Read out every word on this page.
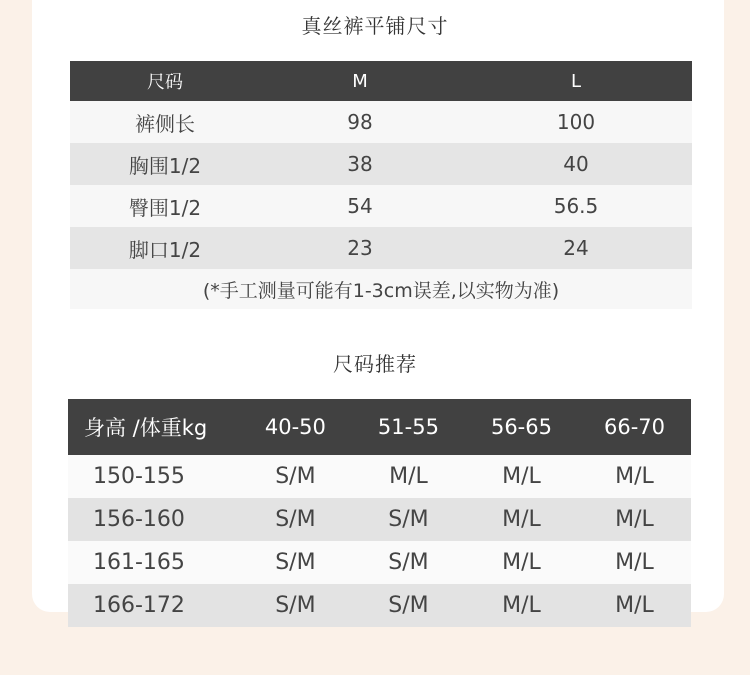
真丝裤平铺尺寸
尺码	M	L
裤侧长	98	100
胸围1/2	38	40
臀围1/2	54	56.5
脚口1/2	23	24
(*手工测量可能有1-3cm误差,以实物为准)		
尺码推荐
身高 /体重kg	40-50	51-55	56-65	66-70
150-155	S/M	M/L	M/L	M/L
156-160	S/M	S/M	M/L	M/L
161-165	S/M	S/M	M/L	M/L
166-172	S/M	S/M	M/L	M/L
